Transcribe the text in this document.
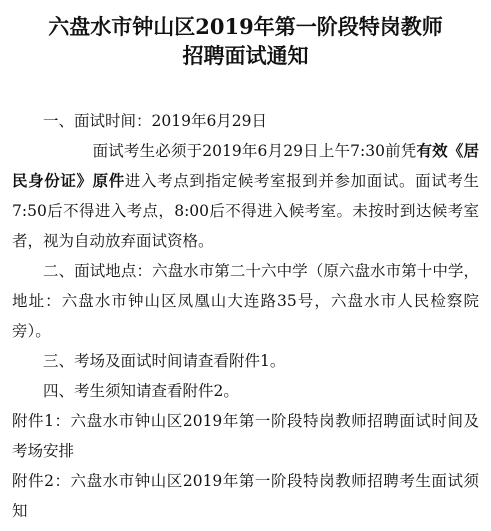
六盘水市钟山区2019年第一阶段特岗教师
招聘面试通知

一、面试时间：2019年6月29日

面试考生必须于2019年6月29日上午7:30前凭有效《居民身份证》原件进入考点到指定候考室报到并参加面试。面试考生7:50后不得进入考点，8:00后不得进入候考室。未按时到达候考室者，视为自动放弃面试资格。

二、面试地点：六盘水市第二十六中学（原六盘水市第十中学，地址：六盘水市钟山区凤凰山大连路35号，六盘水市人民检察院旁）。

三、考场及面试时间请查看附件1。

四、考生须知请查看附件2。

附件1：六盘水市钟山区2019年第一阶段特岗教师招聘面试时间及考场安排

附件2：六盘水市钟山区2019年第一阶段特岗教师招聘考生面试须知
